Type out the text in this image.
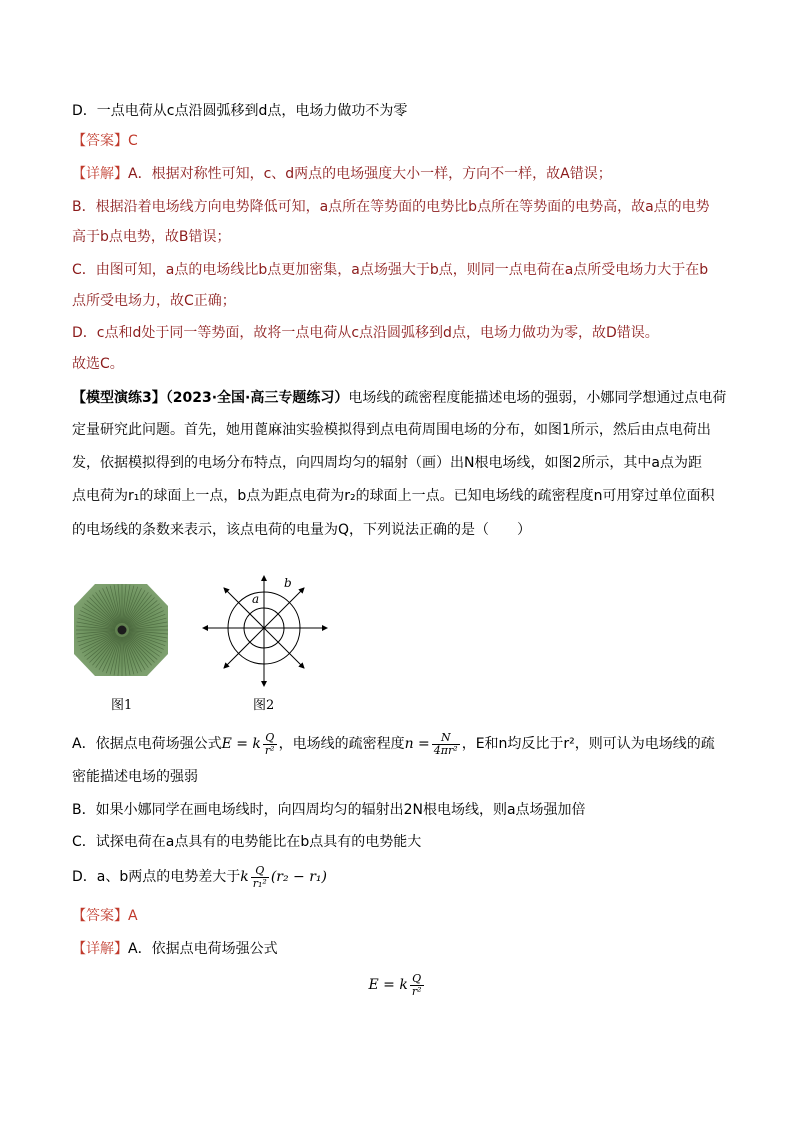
D．一点电荷从c点沿圆弧移到d点，电场力做功不为零
【答案】C
【详解】A．根据对称性可知，c、d两点的电场强度大小一样，方向不一样，故A错误；
B．根据沿着电场线方向电势降低可知，a点所在等势面的电势比b点所在等势面的电势高，故a点的电势
高于b点电势，故B错误；
C．由图可知，a点的电场线比b点更加密集，a点场强大于b点，则同一点电荷在a点所受电场力大于在b
点所受电场力，故C正确；
D．c点和d处于同一等势面，故将一点电荷从c点沿圆弧移到d点，电场力做功为零，故D错误。
故选C。
【模型演练3】（2023·全国·高三专题练习）电场线的疏密程度能描述电场的强弱，小娜同学想通过点电荷
定量研究此问题。首先，她用蓖麻油实验模拟得到点电荷周围电场的分布，如图1所示，然后由点电荷出
发，依据模拟得到的电场分布特点，向四周均匀的辐射（画）出N根电场线，如图2所示，其中a点为距
点电荷为r₁的球面上一点，b点为距点电荷为r₂的球面上一点。已知电场线的疏密程度n可用穿过单位面积
的电场线的条数来表示，该点电荷的电量为Q，下列说法正确的是（　　）
图1
a
b
图2
A．依据点电荷场强公式E = k $\frac{Q}{\text{r²}}$ ，电场线的疏密程度$n = \frac{N}{\text{4πr²}}$ ，E和n均反比于r²，则可认为电场线的疏
密能描述电场的强弱
B．如果小娜同学在画电场线时，向四周均匀的辐射出2N根电场线，则a点场强加倍
C．试探电荷在a点具有的电势能比在b点具有的电势能大
D．a、b两点的电势差大于k $\frac{Q}{\text{r₁²}} (r_2 - r_1)$
【答案】A
【详解】A．依据点电荷场强公式
E = k $\frac{Q}{\text{r²}}$
